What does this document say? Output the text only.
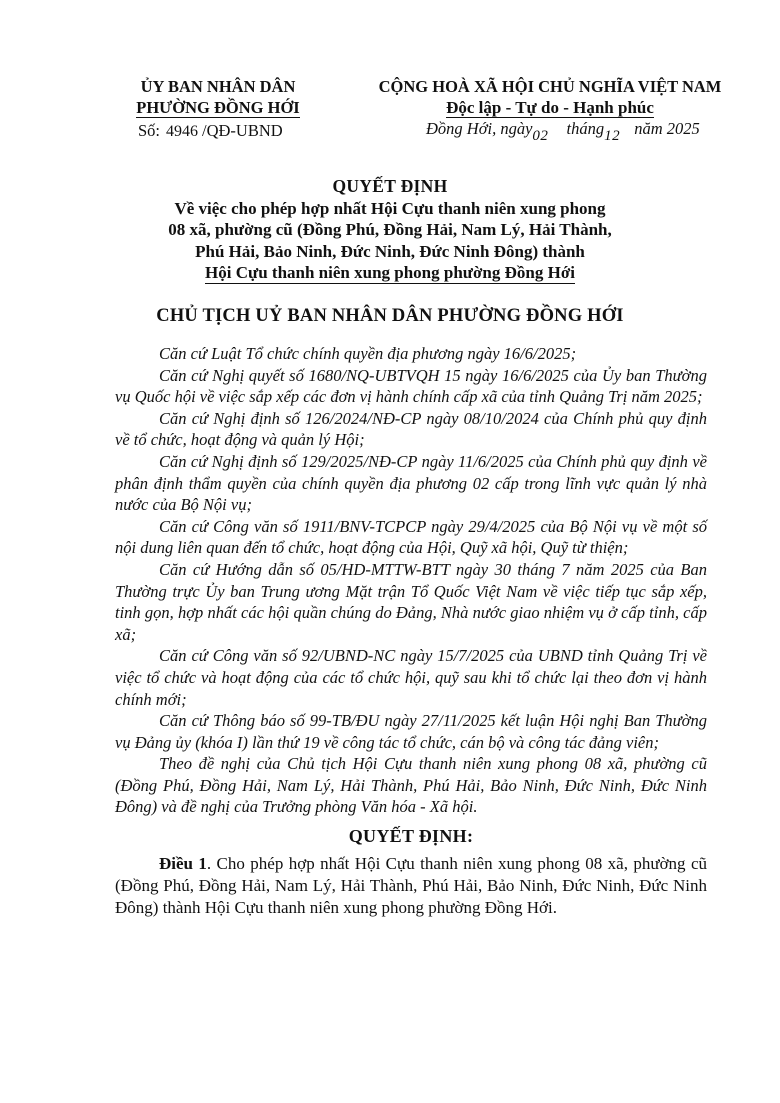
ỦY BAN NHÂN DÂN
PHƯỜNG ĐỒNG HỚI
CỘNG HOÀ XÃ HỘI CHỦ NGHĨA VIỆT NAM
Độc lập - Tự do - Hạnh phúc
Số: 4946 /QĐ-UBND	Đồng Hới, ngày02 tháng12 năm 2025
QUYẾT ĐỊNH
Về việc cho phép hợp nhất Hội Cựu thanh niên xung phong
08 xã, phường cũ (Đồng Phú, Đồng Hải, Nam Lý, Hải Thành,
Phú Hải, Bảo Ninh, Đức Ninh, Đức Ninh Đông) thành
Hội Cựu thanh niên xung phong phường Đồng Hới
CHỦ TỊCH UỶ BAN NHÂN DÂN PHƯỜNG ĐỒNG HỚI

Căn cứ Luật Tổ chức chính quyền địa phương ngày 16/6/2025;

Căn cứ Nghị quyết số 1680/NQ-UBTVQH 15 ngày 16/6/2025 của Ủy ban Thường vụ Quốc hội về việc sắp xếp các đơn vị hành chính cấp xã của tỉnh Quảng Trị năm 2025;

Căn cứ Nghị định số 126/2024/NĐ-CP ngày 08/10/2024 của Chính phủ quy định về tổ chức, hoạt động và quản lý Hội;

Căn cứ Nghị định số 129/2025/NĐ-CP ngày 11/6/2025 của Chính phủ quy định về phân định thẩm quyền của chính quyền địa phương 02 cấp trong lĩnh vực quản lý nhà nước của Bộ Nội vụ;

Căn cứ Công văn số 1911/BNV-TCPCP ngày 29/4/2025 của Bộ Nội vụ về một số nội dung liên quan đến tổ chức, hoạt động của Hội, Quỹ xã hội, Quỹ từ thiện;

Căn cứ Hướng dẫn số 05/HD-MTTW-BTT ngày 30 tháng 7 năm 2025 của Ban Thường trực Ủy ban Trung ương Mặt trận Tổ Quốc Việt Nam về việc tiếp tục sắp xếp, tinh gọn, hợp nhất các hội quần chúng do Đảng, Nhà nước giao nhiệm vụ ở cấp tỉnh, cấp xã;

Căn cứ Công văn số 92/UBND-NC ngày 15/7/2025 của UBND tỉnh Quảng Trị về việc tổ chức và hoạt động của các tổ chức hội, quỹ sau khi tổ chức lại theo đơn vị hành chính mới;

Căn cứ Thông báo số 99-TB/ĐU ngày 27/11/2025 kết luận Hội nghị Ban Thường vụ Đảng ủy (khóa I) lần thứ 19 về công tác tổ chức, cán bộ và công tác đảng viên;

Theo đề nghị của Chủ tịch Hội Cựu thanh niên xung phong 08 xã, phường cũ (Đồng Phú, Đồng Hải, Nam Lý, Hải Thành, Phú Hải, Bảo Ninh, Đức Ninh, Đức Ninh Đông) và đề nghị của Trưởng phòng Văn hóa - Xã hội.

QUYẾT ĐỊNH:

Điều 1. Cho phép hợp nhất Hội Cựu thanh niên xung phong 08 xã, phường cũ (Đồng Phú, Đồng Hải, Nam Lý, Hải Thành, Phú Hải, Bảo Ninh, Đức Ninh, Đức Ninh Đông) thành Hội Cựu thanh niên xung phong phường Đồng Hới.
